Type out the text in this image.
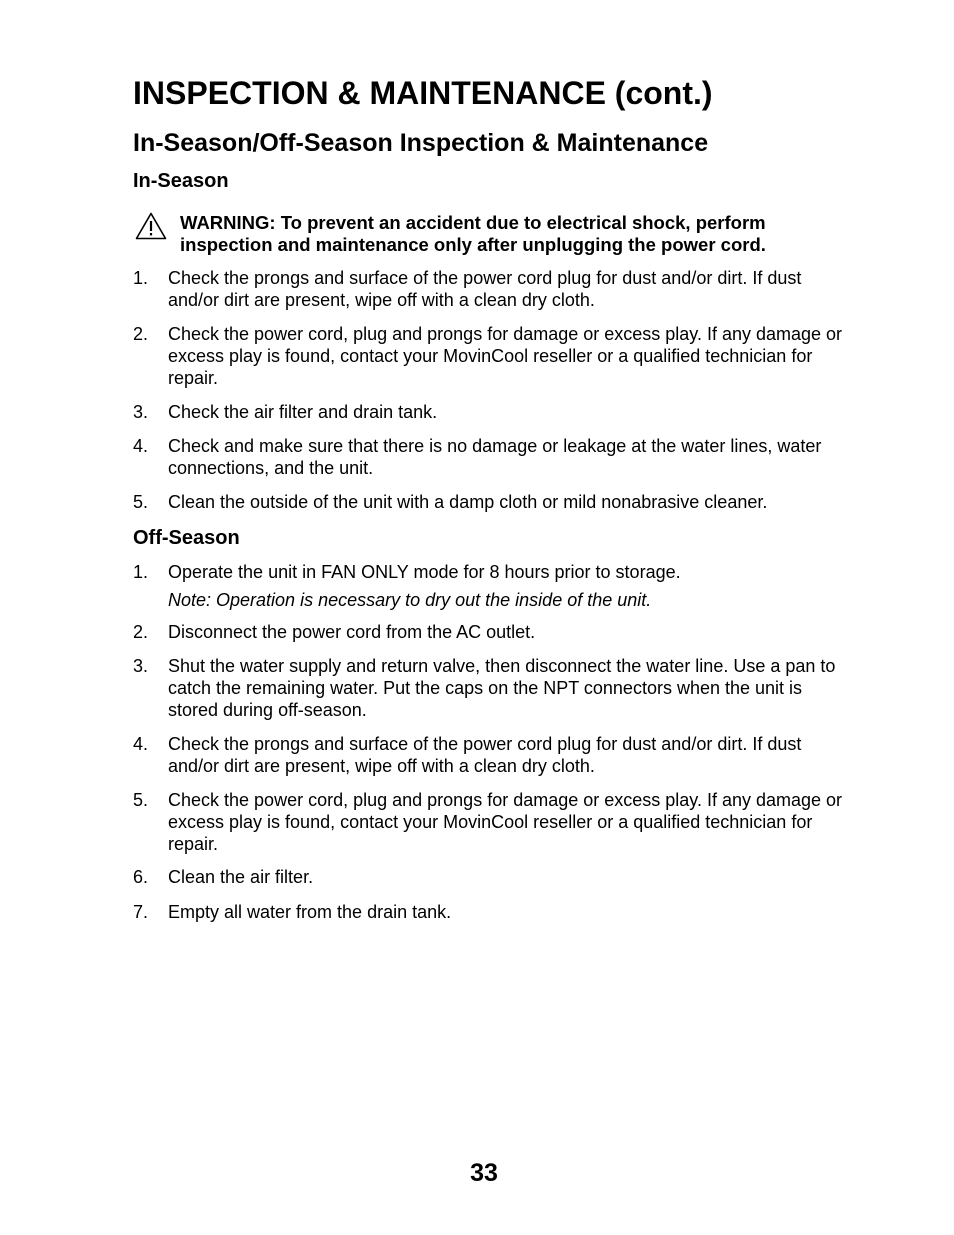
INSPECTION & MAINTENANCE (cont.)
In-Season/Off-Season Inspection & Maintenance
In-Season
WARNING: To prevent an accident due to electrical shock, perform inspection and maintenance only after unplugging the power cord.
1.	Check the prongs and surface of the power cord plug for dust and/or dirt. If dust and/or dirt are present, wipe off with a clean dry cloth.
2.	Check the power cord, plug and prongs for damage or excess play. If any damage or excess play is found, contact your MovinCool reseller or a qualified technician for repair.
3.	Check the air filter and drain tank.
4.	Check and make sure that there is no damage or leakage at the water lines, water connections, and the unit.
5.	Clean the outside of the unit with a damp cloth or mild nonabrasive cleaner.
Off-Season
1.	Operate the unit in FAN ONLY mode for 8 hours prior to storage.
Note: Operation is necessary to dry out the inside of the unit.
2.	Disconnect the power cord from the AC outlet.
3.	Shut the water supply and return valve, then disconnect the water line. Use a pan to catch the remaining water. Put the caps on the NPT connectors when the unit is stored during off-season.
4.	Check the prongs and surface of the power cord plug for dust and/or dirt. If dust and/or dirt are present, wipe off with a clean dry cloth.
5.	Check the power cord, plug and prongs for damage or excess play. If any damage or excess play is found, contact your MovinCool reseller or a qualified technician for repair.
6.	Clean the air filter.
7.	Empty all water from the drain tank.
33
